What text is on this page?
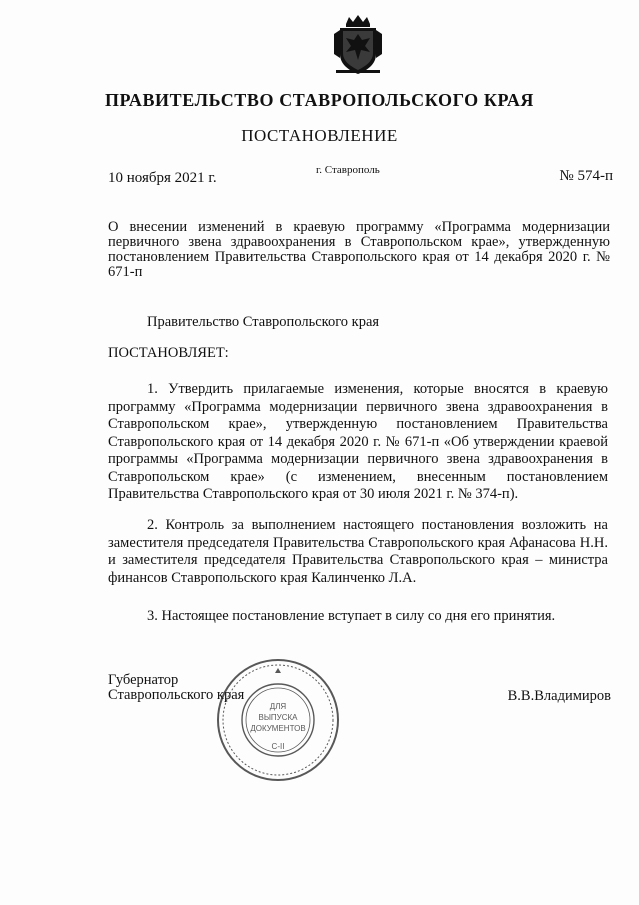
ПРАВИТЕЛЬСТВО СТАВРОПОЛЬСКОГО КРАЯ
ПОСТАНОВЛЕНИЕ
10 ноября 2021 г.	г. Ставрополь	№ 574-п
О внесении изменений в краевую программу «Программа модернизации первичного звена здравоохранения в Ставропольском крае», утвержденную постановлением Правительства Ставропольского края от 14 декабря 2020 г. № 671-п
Правительство Ставропольского края
ПОСТАНОВЛЯЕТ:
1. Утвердить прилагаемые изменения, которые вносятся в краевую программу «Программа модернизации первичного звена здравоохранения в Ставропольском крае», утвержденную постановлением Правительства Ставропольского края от 14 декабря 2020 г. № 671-п «Об утверждении краевой программы «Программа модернизации первичного звена здравоохранения в Ставропольском крае» (с изменением, внесенным постановлением Правительства Ставропольского края от 30 июля 2021 г. № 374-п).
2. Контроль за выполнением настоящего постановления возложить на заместителя председателя Правительства Ставропольского края Афанасова Н.Н. и заместителя председателя Правительства Ставропольского края – министра финансов Ставропольского края Калинченко Л.А.
3. Настоящее постановление вступает в силу со дня его принятия.
Губернатор
Ставропольского края	В.В.Владимиров
ДЛЯ
ВЫПУСКА
ДОКУМЕНТОВ
С-II
